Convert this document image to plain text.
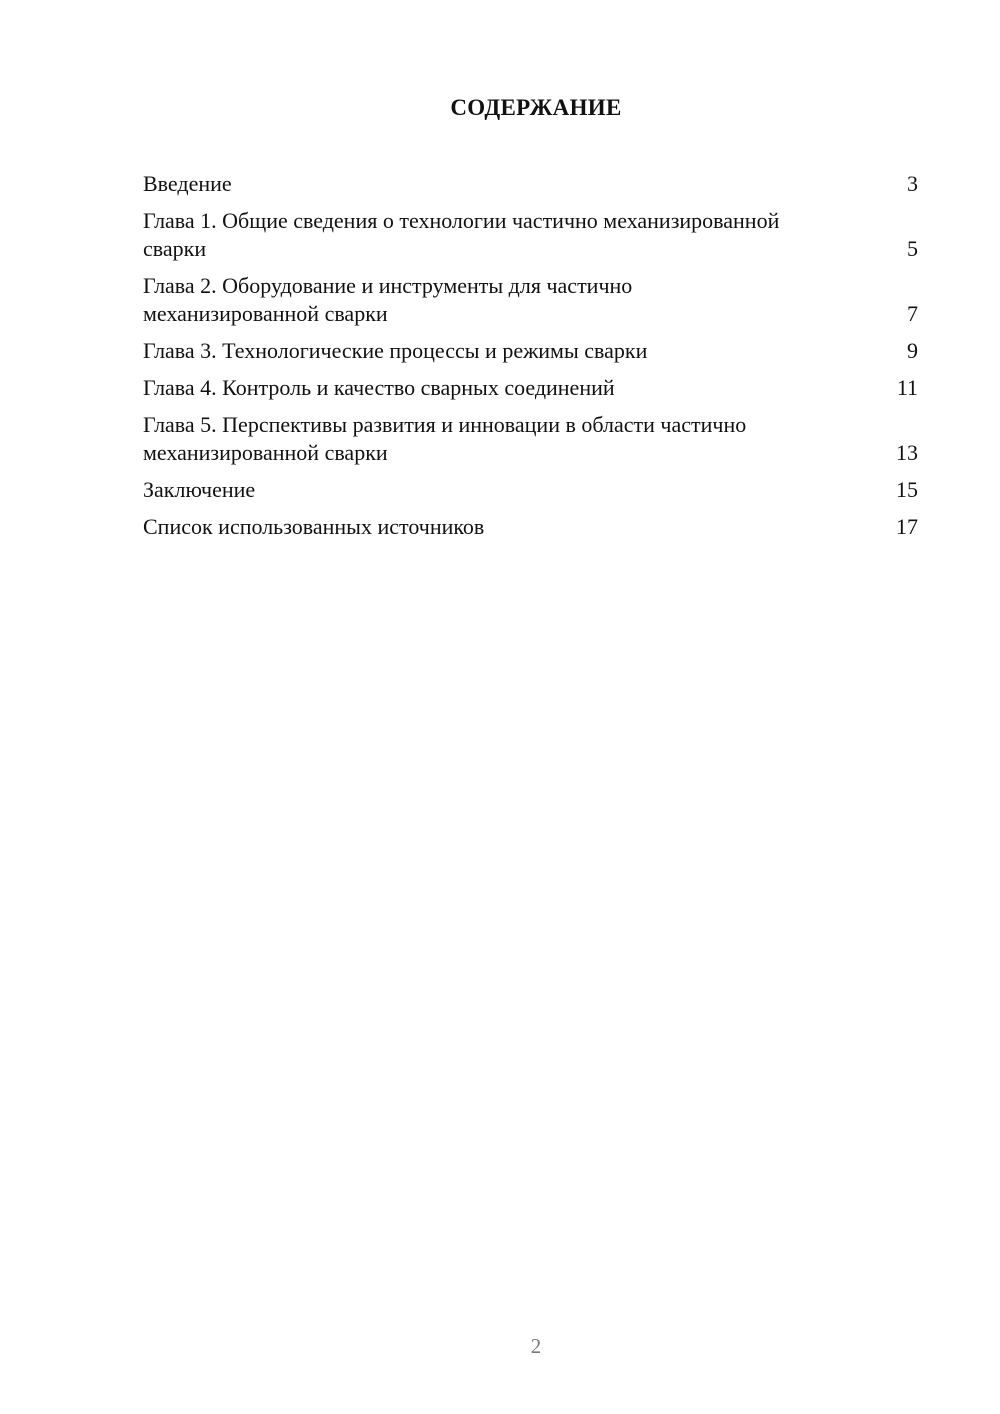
СОДЕРЖАНИЕ
Введение	3
Глава 1. Общие сведения о технологии частично механизированной сварки	5
Глава 2. Оборудование и инструменты для частично механизированной сварки	7
Глава 3. Технологические процессы и режимы сварки	9
Глава 4. Контроль и качество сварных соединений	11
Глава 5. Перспективы развития и инновации в области частично механизированной сварки	13
Заключение	15
Список использованных источников	17
2
